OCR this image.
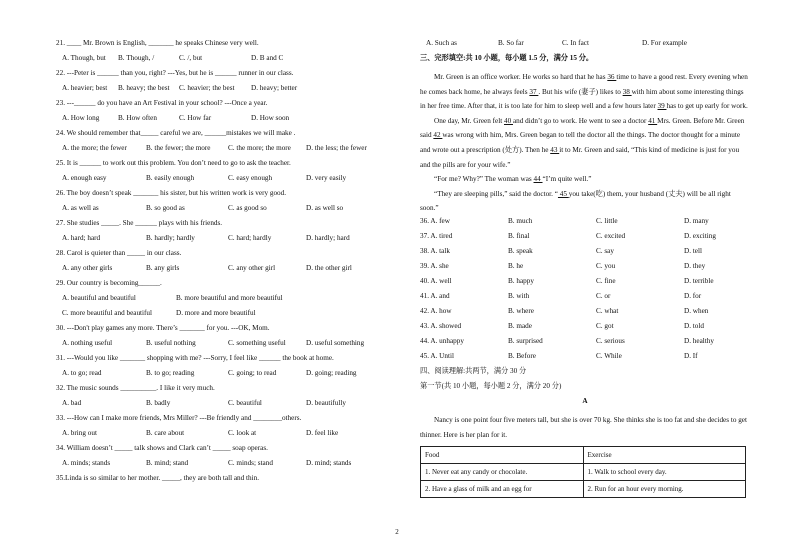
21. ____ Mr. Brown is English, _______ he speaks Chinese very well.
A. Though, but B. Though, /	C. /, but	D. B and C
22. ---Peter is ______ than you, right? ---Yes, but he is ______ runner in our class.
A. heavier; best B. heavy; the best C. heavier; the best D. heavy; better
23. ---______ do you have an Art Festival in your school? ---Once a year.
A. How long	B. How often	C. How far	D. How soon
24. We should remember that_____ careful we are, ______mistakes we will make .
A. the more; the fewer	B. the fewer; the more C. the more; the more D. the less; the fewer
25. It is ______ to work out this problem. You don’t need to go to ask the teacher.
A. enough easy	B. easily enough	C. easy enough	D. very easily
26. The boy doesn’t speak _______ his sister, but his written work is very good.
A. as well as	B. so good as	C. as good so	D. as well so
27. She studies _____. She ______ plays with his friends.
A. hard; hard	B. hardly; hardly	C. hard; hardly	D. hardly; hard
28. Carol is quieter than _____ in our class.
A. any other girls	B. any girls	C. any other girl	D. the other girl
29. Our country is becoming______.
A. beautiful and beautiful	B. more beautiful and more beautiful
C. more beautiful and beautiful	D. more and more beautiful
30. ---Don't play games any more. There’s _______ for you. ---OK, Mom.
A. nothing useful	B. useful nothing	C. something useful	D. useful something
31. ---Would you like _______ shopping with me? ---Sorry, I feel like ______ the book at home.
A. to go; read	B. to go; reading	C. going; to read	D. going; reading
32. The music sounds __________. I like it very much.
A. bad	B. badly	C. beautiful	D. beautifully
33. ---How can I make more friends, Mrs Miller? ---Be friendly and ________others.
A. bring out	B. care about	C. look at	D. feel like
34. William doesn’t _____ talk shows and Clark can’t _____ soap operas.
A. minds; stands	B. mind; stand	C. minds; stand	D. mind; stands
35.Linda is so similar to her mother. _____, they are both tall and thin.
A. Such as	B. So far	C. In fact	D. For example
三、完形填空:共 10 小题，每小题 1.5 分，满分 15 分。
Mr. Green is an office worker. He works so hard that he has 36 time to have a good rest. Every evening when he comes back home, he always feels 37 . But his wife (妻子) likes to 38 with him about some interesting things in her free time. After that, it is too late for him to sleep well and a few hours later 39 has to get up early for work.
One day, Mr. Green felt 40 and didn’t go to work. He went to see a doctor 41 Mrs. Green. Before Mr. Green said 42 was wrong with him, Mrs. Green began to tell the doctor all the things. The doctor thought for a minute and wrote out a prescription (处方). Then he 43 it to Mr. Green and said, “This kind of medicine is just for you and the pills are for your wife.”
“For me? Why?” The woman was 44 “I’m quite well.”
“They are sleeping pills,” said the doctor. “ 45 you take(吃) them, your husband (丈夫) will be all right soon.”
36. A. few	B. much	C. little	D. many
37. A. tired	B. final	C. excited	D. exciting
38. A. talk	B. speak	C. say	D. tell
39. A. she	B. he	C. you	D. they
40. A. well	B. happy	C. fine	D. terrible
41. A. and	B. with	C. or	D. for
42. A. how	B. where	C. what	D. when
43. A. showed	B. made	C. got	D. told
44. A. unhappy	B. surprised	C. serious	D. healthy
45. A. Until	B. Before	C. While	D. If
四、阅读理解:共两节，满分 30 分
第一节(共 10 小题，每小题 2 分，满分 20 分)
A
Nancy is one point four five meters tall, but she is over 70 kg. She thinks she is too fat and she decides to get thinner. Here is her plan for it.
Food	Exercise
1. Never eat any candy or chocolate.	1. Walk to school every day.
2. Have a glass of milk and an egg for	2. Run for an hour every morning.
2
